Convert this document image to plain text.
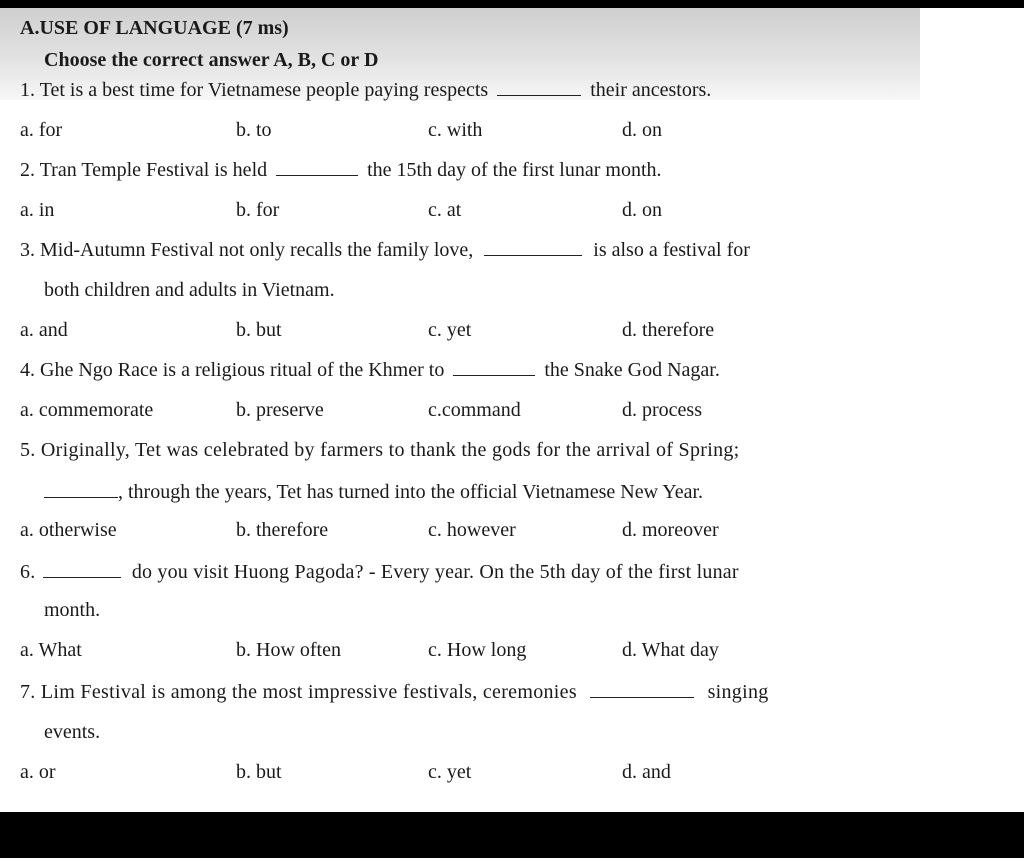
A.USE OF LANGUAGE (7 ms)
Choose the correct answer A, B, C or D
1. Tet is a best time for Vietnamese people paying respects	their ancestors.
a. for	b. to	c. with	d. on
2. Tran Temple Festival is held	the 15th day of the first lunar month.
a. in	b. for	c. at	d. on
3. Mid-Autumn Festival not only recalls the family love,	is also a festival for
both children and adults in Vietnam.
a. and	b. but	c. yet	d. therefore
4. Ghe Ngo Race is a religious ritual of the Khmer to	the Snake God Nagar.
a. commemorate	b. preserve	c.command	d. process
5. Originally, Tet was celebrated by farmers to thank the gods for the arrival of Spring;
, through the years, Tet has turned into the official Vietnamese New Year.
a. otherwise	b. therefore	c. however	d. moreover
6.	do you visit Huong Pagoda? - Every year. On the 5th day of the first lunar
month.
a. What	b. How often	c. How long	d. What day
7. Lim Festival is among the most impressive festivals, ceremonies	singing
events.
a. or	b. but	c. yet	d. and
